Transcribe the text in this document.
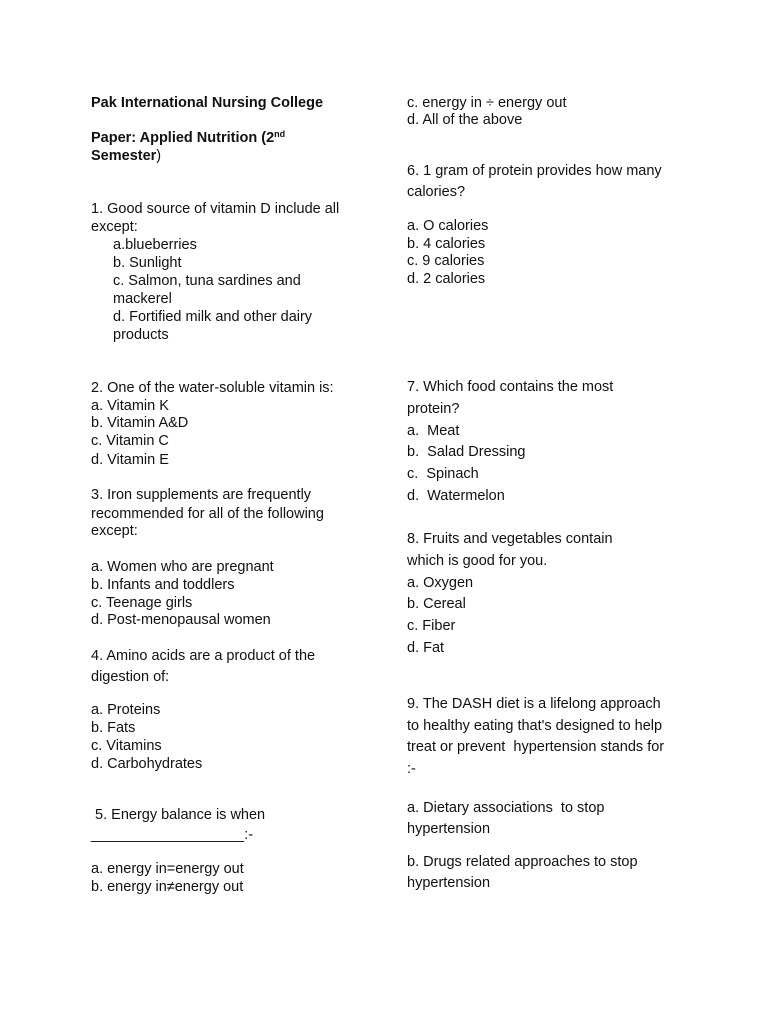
Pak International Nursing College
Paper: Applied Nutrition (2nd
Semester)
1. Good source of vitamin D include all
except:
a.blueberries
b. Sunlight
c. Salmon, tuna sardines and
mackerel
d. Fortified milk and other dairy
products
2. One of the water-soluble vitamin is:
a. Vitamin K
b. Vitamin A&D
c. Vitamin C
d. Vitamin E
3. Iron supplements are frequently
recommended for all of the following
except:
a. Women who are pregnant
b. Infants and toddlers
c. Teenage girls
d. Post-menopausal women
4. Amino acids are a product of the
digestion of:
a. Proteins
b. Fats
c. Vitamins
d. Carbohydrates
5. Energy balance is when
___________________:-
a. energy in=energy out
b. energy in≠energy out
c. energy in ÷ energy out
d. All of the above
6. 1 gram of protein provides how many
calories?
a. O calories
b. 4 calories
c. 9 calories
d. 2 calories
7. Which food contains the most
protein?
a.  Meat
b.  Salad Dressing
c.  Spinach
d.  Watermelon
8. Fruits and vegetables contain
which is good for you.
a. Oxygen
b. Cereal
c. Fiber
d. Fat
9. The DASH diet is a lifelong approach
to healthy eating that's designed to help
treat or prevent  hypertension stands for
:-
a. Dietary associations  to stop
hypertension
b. Drugs related approaches to stop
hypertension
